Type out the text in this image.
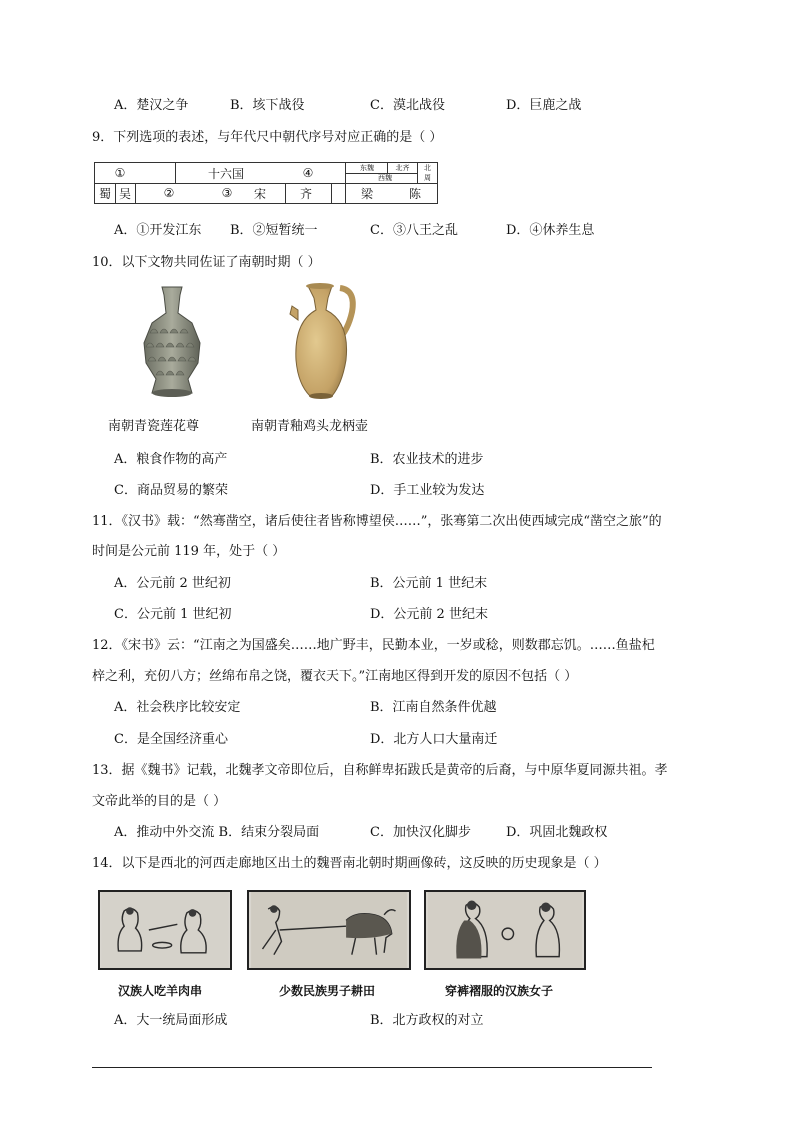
A．楚汉之争	B．垓下战役	C．漠北战役	D．巨鹿之战
9．下列选项的表述，与年代尺中朝代序号对应正确的是（ ）
①	十六国	④	东魏	北齐	北
西魏	周
蜀 吴	②	③	宋	齐	梁	陈
A．①开发江东 B．②短暂统一	C．③八王之乱	D．④休养生息
10．以下文物共同佐证了南朝时期（ ）
南朝青瓷莲花尊	南朝青釉鸡头龙柄壶
A．粮食作物的高产	B．农业技术的进步
C．商品贸易的繁荣	D．手工业较为发达
11．《汉书》载：“然骞凿空，诸后使往者皆称博望侯……”，张骞第二次出使西域完成“凿空之旅”的
时间是公元前 119 年，处于（ ）
A．公元前 2 世纪初	B．公元前 1 世纪末
C．公元前 1 世纪初	D．公元前 2 世纪末
12．《宋书》云：“江南之为国盛矣……地广野丰，民勤本业，一岁或稔，则数郡忘饥。……鱼盐杞
梓之利，充仞八方；丝绵布帛之饶，覆衣天下。”江南地区得到开发的原因不包括（ ）
A．社会秩序比较安定	B．江南自然条件优越
C．是全国经济重心	D．北方人口大量南迁
13．据《魏书》记载，北魏孝文帝即位后，自称鲜卑拓跋氏是黄帝的后裔，与中原华夏同源共祖。孝
文帝此举的目的是（ ）
A．推动中外交流 B．结束分裂局面	C．加快汉化脚步	D．巩固北魏政权
14．以下是西北的河西走廊地区出土的魏晋南北朝时期画像砖，这反映的历史现象是（ ）
汉族人吃羊肉串	少数民族男子耕田	穿裤褶服的汉族女子
A．大一统局面形成	B．北方政权的对立
